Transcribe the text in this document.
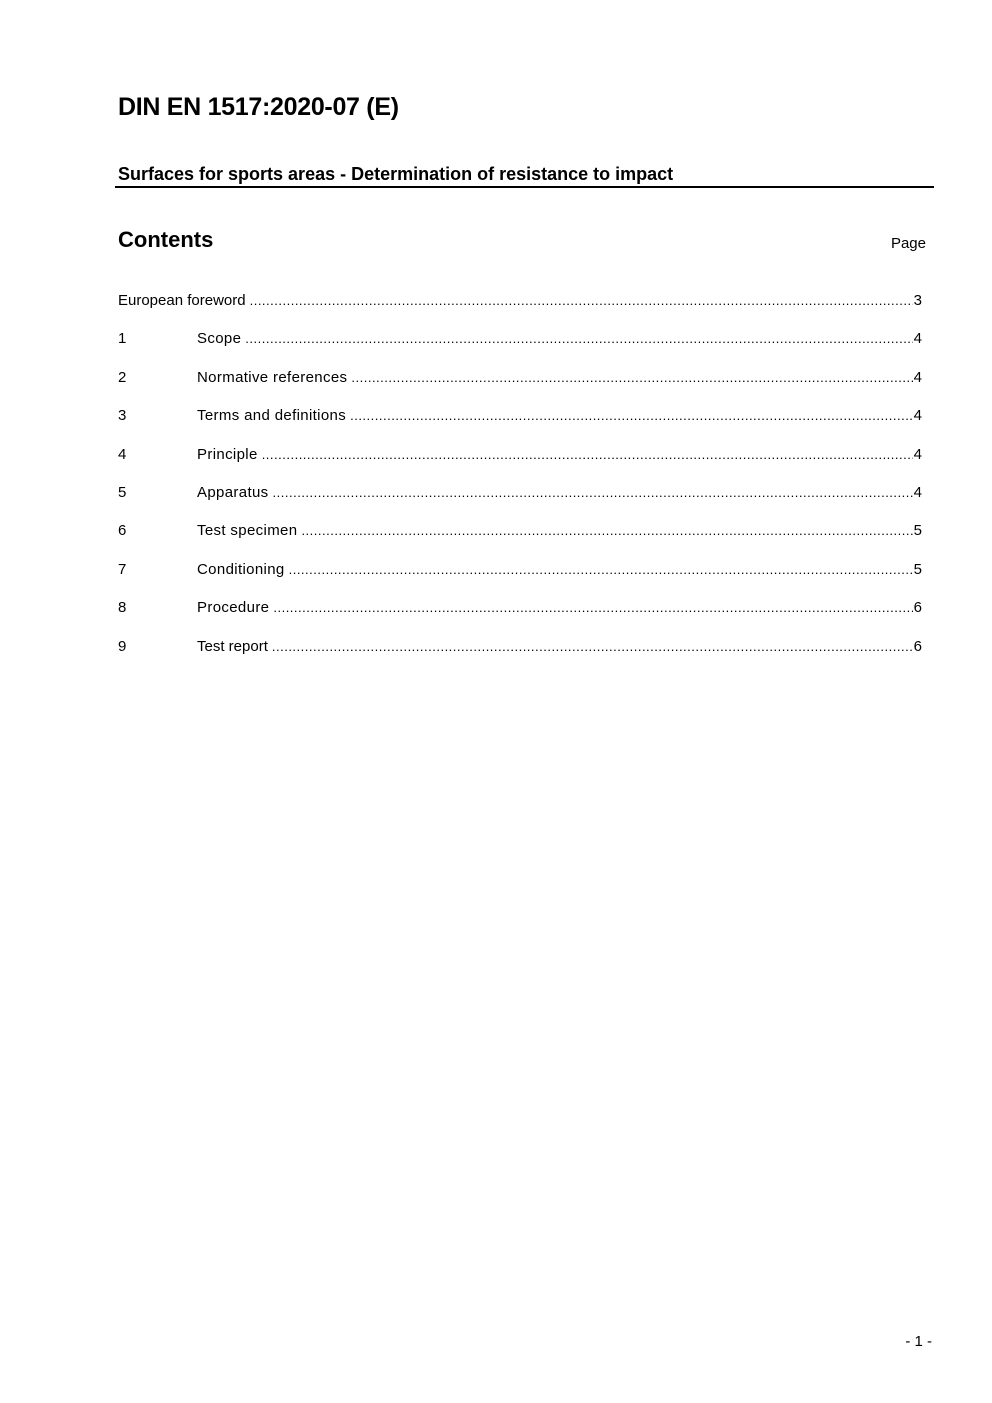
DIN EN 1517:2020-07 (E)
Surfaces for sports areas - Determination of resistance to impact
Contents	Page
European foreword .....	3
1	Scope .....	4
2	Normative references .....	4
3	Terms and definitions .....	4
4	Principle .....	4
5	Apparatus .....	4
6	Test specimen .....	5
7	Conditioning .....	5
8	Procedure .....	6
9	Test report .....	6
- 1 -
